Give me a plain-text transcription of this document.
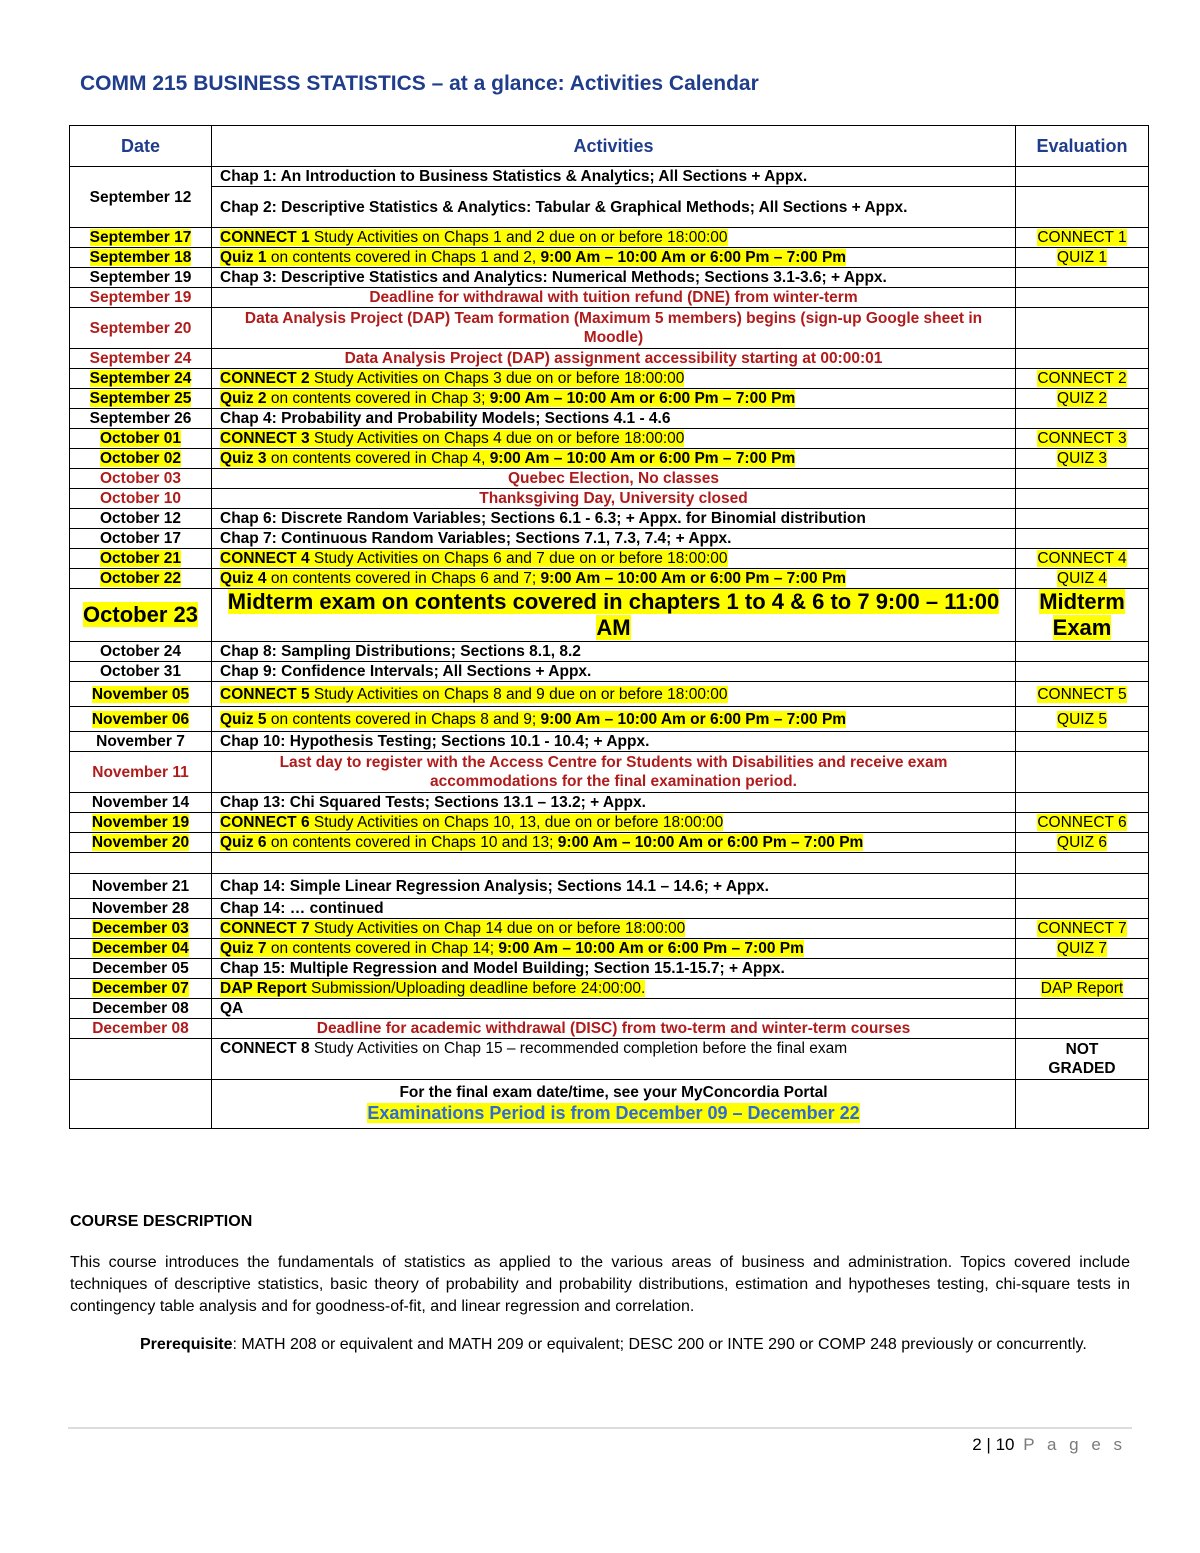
COMM 215 BUSINESS STATISTICS – at a glance: Activities Calendar
Date	Activities	Evaluation
September 12	Chap 1: An Introduction to Business Statistics & Analytics; All Sections + Appx.	
	Chap 2: Descriptive Statistics & Analytics: Tabular & Graphical Methods; All Sections + Appx.	
September 17	CONNECT 1 Study Activities on Chaps 1 and 2 due on or before 18:00:00	CONNECT 1
September 18	Quiz 1 on contents covered in Chaps 1 and 2, 9:00 Am – 10:00 Am or 6:00 Pm – 7:00 Pm	QUIZ 1
September 19	Chap 3: Descriptive Statistics and Analytics: Numerical Methods; Sections 3.1-3.6; + Appx.	
September 19	Deadline for withdrawal with tuition refund (DNE) from winter-term	
September 20	Data Analysis Project (DAP) Team formation (Maximum 5 members) begins (sign-up Google sheet in Moodle)	
September 24	Data Analysis Project (DAP) assignment accessibility starting at 00:00:01	
September 24	CONNECT 2 Study Activities on Chaps 3 due on or before 18:00:00	CONNECT 2
September 25	Quiz 2 on contents covered in Chap 3; 9:00 Am – 10:00 Am or 6:00 Pm – 7:00 Pm	QUIZ 2
September 26	Chap 4: Probability and Probability Models; Sections 4.1 - 4.6	
October 01	CONNECT 3 Study Activities on Chaps 4 due on or before 18:00:00	CONNECT 3
October 02	Quiz 3 on contents covered in Chap 4, 9:00 Am – 10:00 Am or 6:00 Pm – 7:00 Pm	QUIZ 3
October 03	Quebec Election, No classes	
October 10	Thanksgiving Day, University closed	
October 12	Chap 6: Discrete Random Variables; Sections 6.1 - 6.3; + Appx. for Binomial distribution	
October 17	Chap 7: Continuous Random Variables; Sections 7.1, 7.3, 7.4; + Appx.	
October 21	CONNECT 4 Study Activities on Chaps 6 and 7 due on or before 18:00:00	CONNECT 4
October 22	Quiz 4 on contents covered in Chaps 6 and 7; 9:00 Am – 10:00 Am or 6:00 Pm – 7:00 Pm	QUIZ 4
October 23	Midterm exam on contents covered in chapters 1 to 4 & 6 to 7 9:00 – 11:00 AM	Midterm Exam
October 24	Chap 8: Sampling Distributions; Sections 8.1, 8.2	
October 31	Chap 9: Confidence Intervals; All Sections + Appx.	
November 05	CONNECT 5 Study Activities on Chaps 8 and 9 due on or before 18:00:00	CONNECT 5
November 06	Quiz 5 on contents covered in Chaps 8 and 9; 9:00 Am – 10:00 Am or 6:00 Pm – 7:00 Pm	QUIZ 5
November 7	Chap 10: Hypothesis Testing; Sections 10.1 - 10.4; + Appx.	
November 11	Last day to register with the Access Centre for Students with Disabilities and receive exam accommodations for the final examination period.	
November 14	Chap 13: Chi Squared Tests; Sections 13.1 – 13.2; + Appx.	
November 19	CONNECT 6 Study Activities on Chaps 10, 13, due on or before 18:00:00	CONNECT 6
November 20	Quiz 6 on contents covered in Chaps 10 and 13; 9:00 Am – 10:00 Am or 6:00 Pm – 7:00 Pm	QUIZ 6

November 21	Chap 14: Simple Linear Regression Analysis; Sections 14.1 – 14.6; + Appx.	
November 28	Chap 14: … continued	
December 03	CONNECT 7 Study Activities on Chap 14 due on or before 18:00:00	CONNECT 7
December 04	Quiz 7 on contents covered in Chap 14; 9:00 Am – 10:00 Am or 6:00 Pm – 7:00 Pm	QUIZ 7
December 05	Chap 15: Multiple Regression and Model Building; Section 15.1-15.7; + Appx.	
December 07	DAP Report Submission/Uploading deadline before 24:00:00.	DAP Report
December 08	QA	
December 08	Deadline for academic withdrawal (DISC) from two-term and winter-term courses	
	CONNECT 8 Study Activities on Chap 15 – recommended completion before the final exam	NOT GRADED

	For the final exam date/time, see your MyConcordia Portal
Examinations Period is from December 09 – December 22	

COURSE DESCRIPTION
This course introduces the fundamentals of statistics as applied to the various areas of business and administration. Topics covered include techniques of descriptive statistics, basic theory of probability and probability distributions, estimation and hypotheses testing, chi-square tests in contingency table analysis and for goodness-of-fit, and linear regression and correlation.
Prerequisite: MATH 208 or equivalent and MATH 209 or equivalent; DESC 200 or INTE 290 or COMP 248 previously or concurrently.
2 | 10 P a g e s
